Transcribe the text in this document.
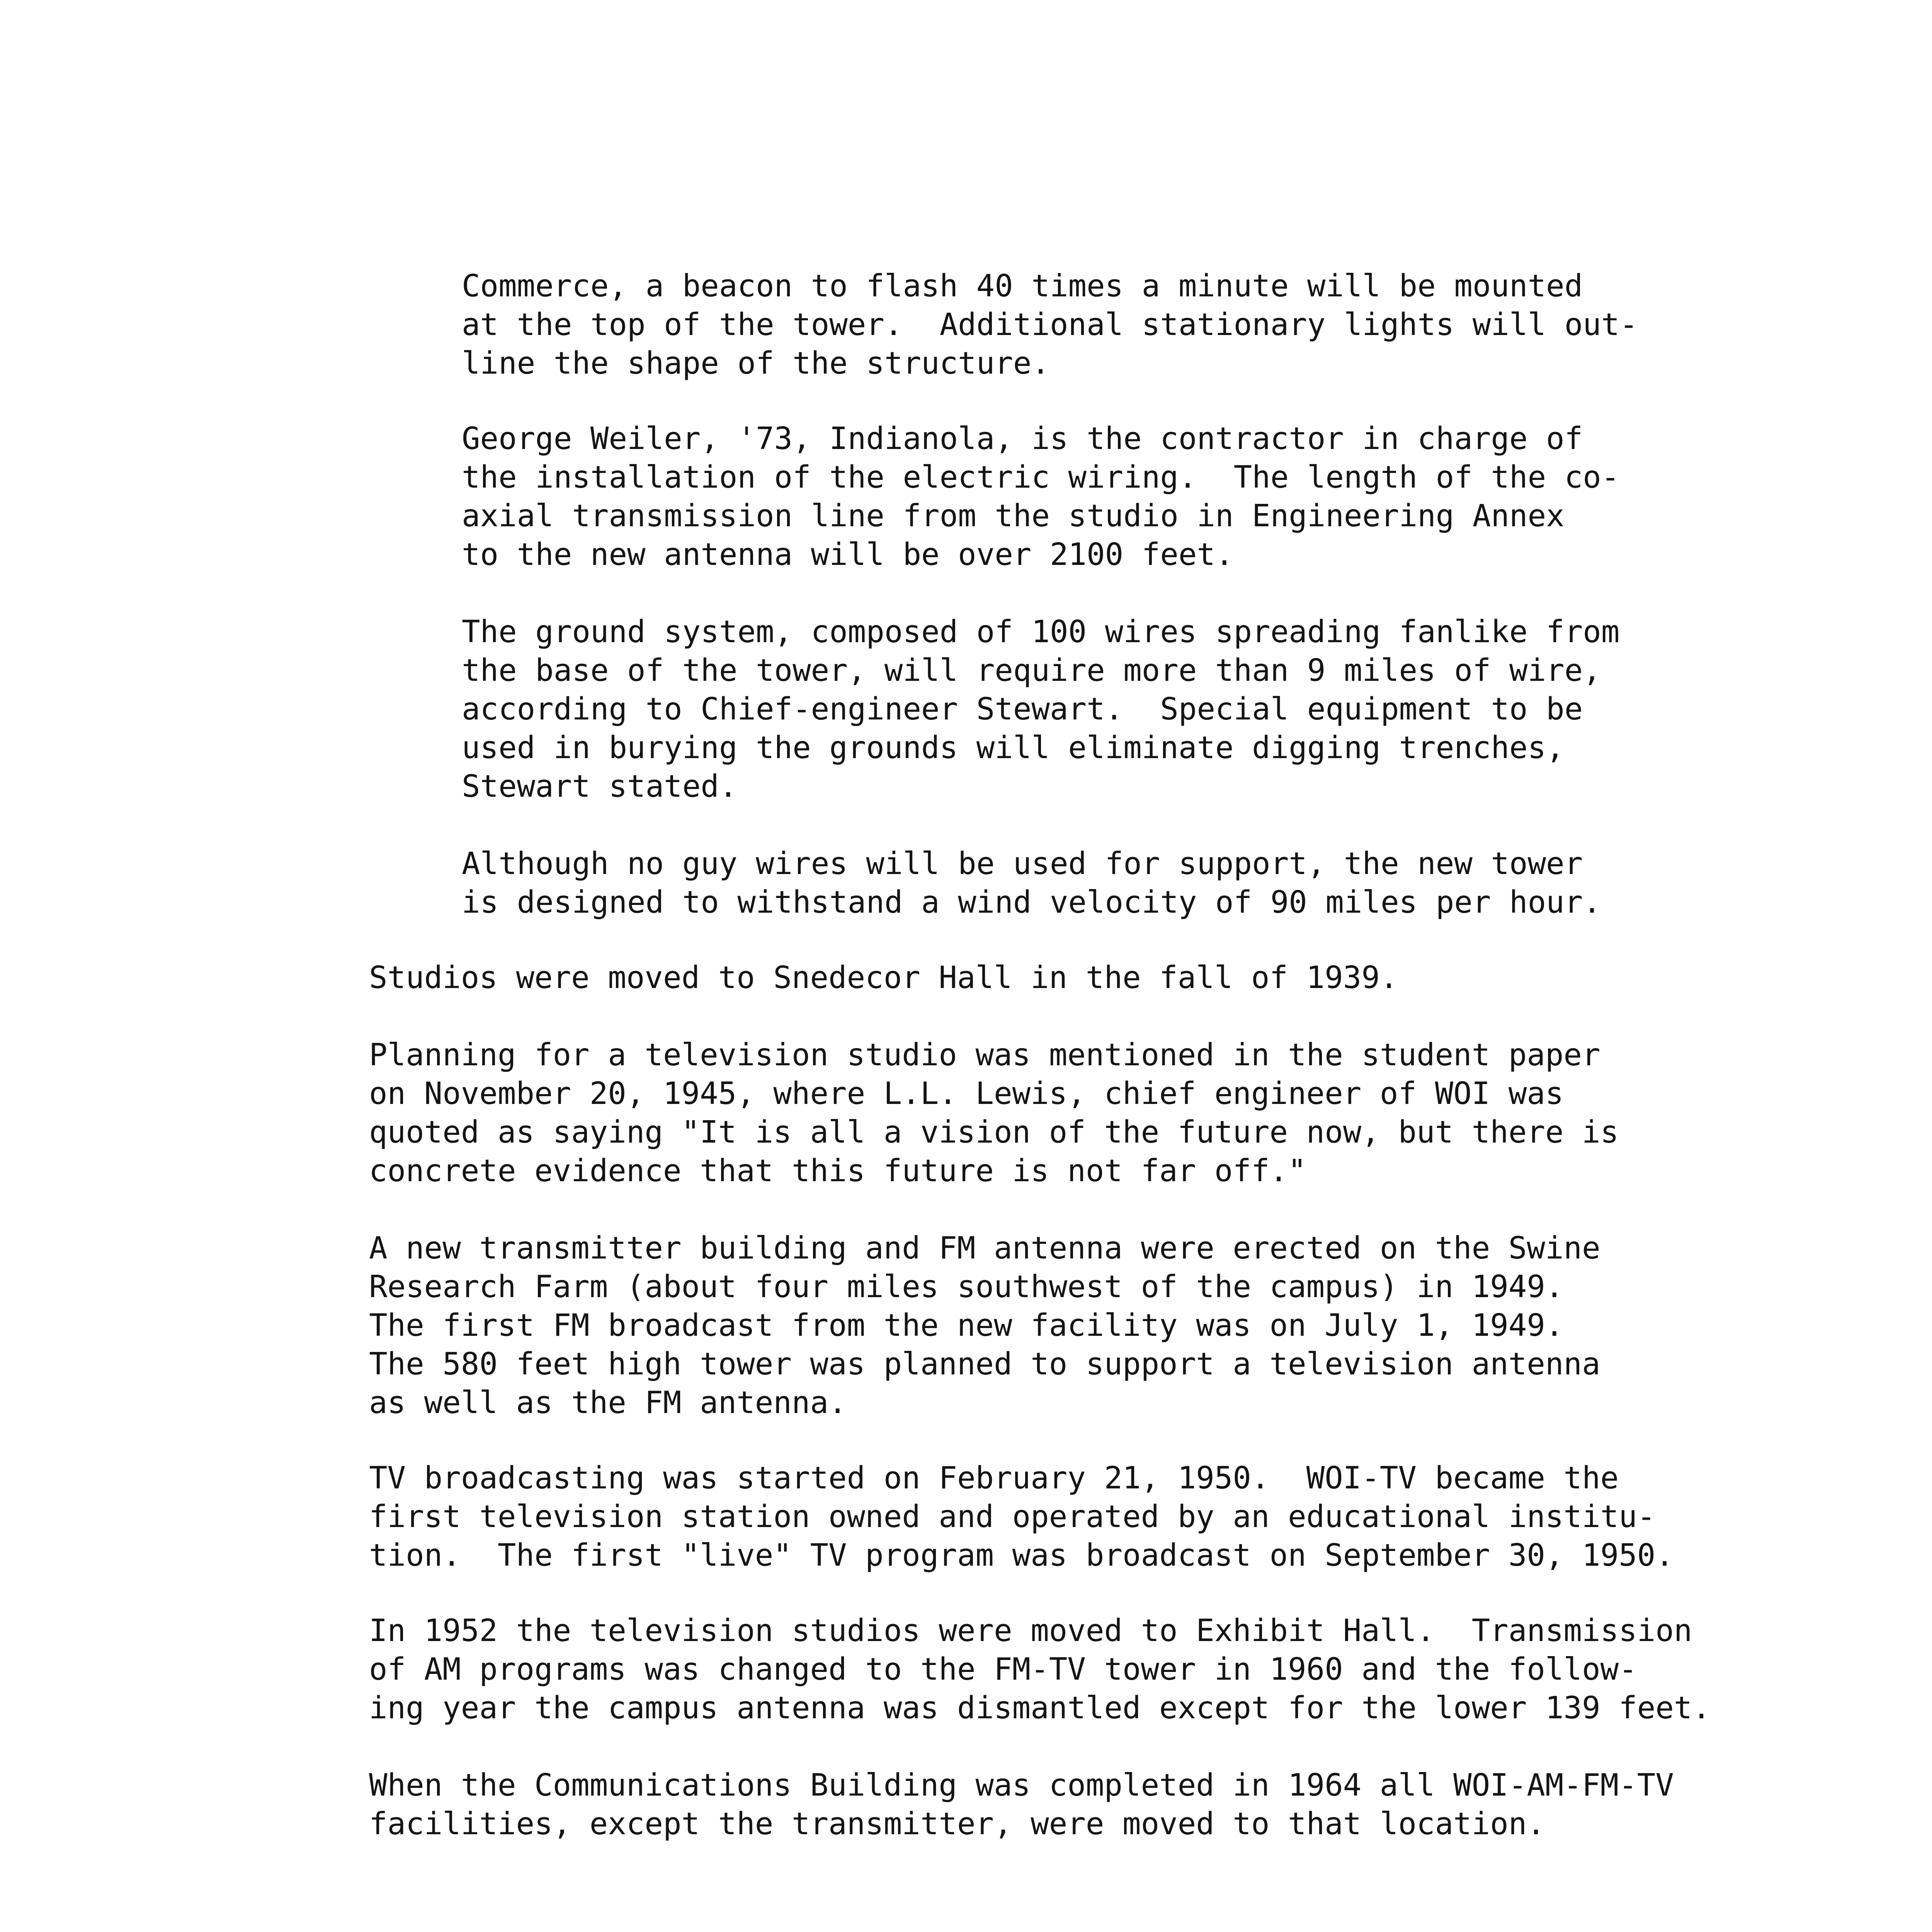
Commerce, a beacon to flash 40 times a minute will be mounted
at the top of the tower.  Additional stationary lights will out-
line the shape of the structure.
George Weiler, '73, Indianola, is the contractor in charge of
the installation of the electric wiring.  The length of the co-
axial transmission line from the studio in Engineering Annex
to the new antenna will be over 2100 feet.
The ground system, composed of 100 wires spreading fanlike from
the base of the tower, will require more than 9 miles of wire,
according to Chief-engineer Stewart.  Special equipment to be
used in burying the grounds will eliminate digging trenches,
Stewart stated.
Although no guy wires will be used for support, the new tower
is designed to withstand a wind velocity of 90 miles per hour.
Studios were moved to Snedecor Hall in the fall of 1939.
Planning for a television studio was mentioned in the student paper
on November 20, 1945, where L.L. Lewis, chief engineer of WOI was
quoted as saying "It is all a vision of the future now, but there is
concrete evidence that this future is not far off."
A new transmitter building and FM antenna were erected on the Swine
Research Farm (about four miles southwest of the campus) in 1949.
The first FM broadcast from the new facility was on July 1, 1949.
The 580 feet high tower was planned to support a television antenna
as well as the FM antenna.
TV broadcasting was started on February 21, 1950.  WOI-TV became the
first television station owned and operated by an educational institu-
tion.  The first "live" TV program was broadcast on September 30, 1950.
In 1952 the television studios were moved to Exhibit Hall.  Transmission
of AM programs was changed to the FM-TV tower in 1960 and the follow-
ing year the campus antenna was dismantled except for the lower 139 feet.
When the Communications Building was completed in 1964 all WOI-AM-FM-TV
facilities, except the transmitter, were moved to that location.
